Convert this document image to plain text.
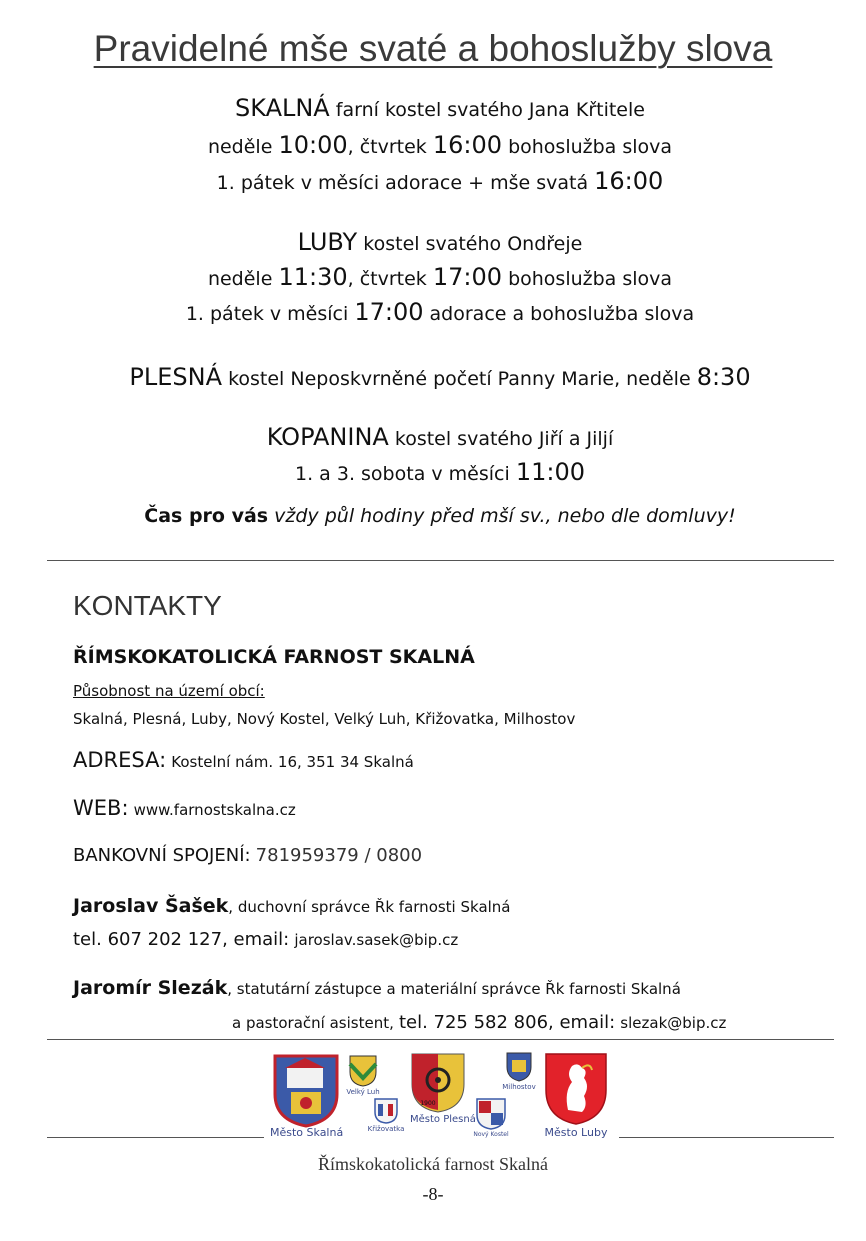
Pravidelné mše svaté a bohoslužby slova
SKALNÁ farní kostel svatého Jana Křtitele
neděle 10:00, čtvrtek 16:00 bohoslužba slova
1. pátek v měsíci adorace + mše svatá 16:00
LUBY kostel svatého Ondřeje
neděle 11:30, čtvrtek 17:00 bohoslužba slova
1. pátek v měsíci 17:00 adorace a bohoslužba slova
PLESNÁ kostel Neposkvrněné početí Panny Marie, neděle 8:30
KOPANINA kostel svatého Jiří a Jiljí
1. a 3. sobota v měsíci 11:00
Čas pro vás vždy půl hodiny před mší sv., nebo dle domluvy!
KONTAKTY
ŘÍMSKOKATOLICKÁ FARNOST SKALNÁ
Působnost na území obcí:
Skalná, Plesná, Luby, Nový Kostel, Velký Luh, Křižovatka, Milhostov
ADRESA: Kostelní nám. 16, 351 34 Skalná
WEB: www.farnostskalna.cz
BANKOVNÍ SPOJENÍ: 781959379 / 0800
Jaroslav Šašek, duchovní správce Řk farnosti Skalná
tel. 607 202 127, email: jaroslav.sasek@bip.cz
Jaromír Slezák, statutární zástupce a materiální správce Řk farnosti Skalná
a pastorační asistent, tel. 725 582 806, email: slezak@bip.cz
Město Skalná
Velký Luh
Křižovatka
1900
Město Plesná
Milhostov
Nový Kostel	Město Luby
Římskokatolická farnost Skalná
-8-
